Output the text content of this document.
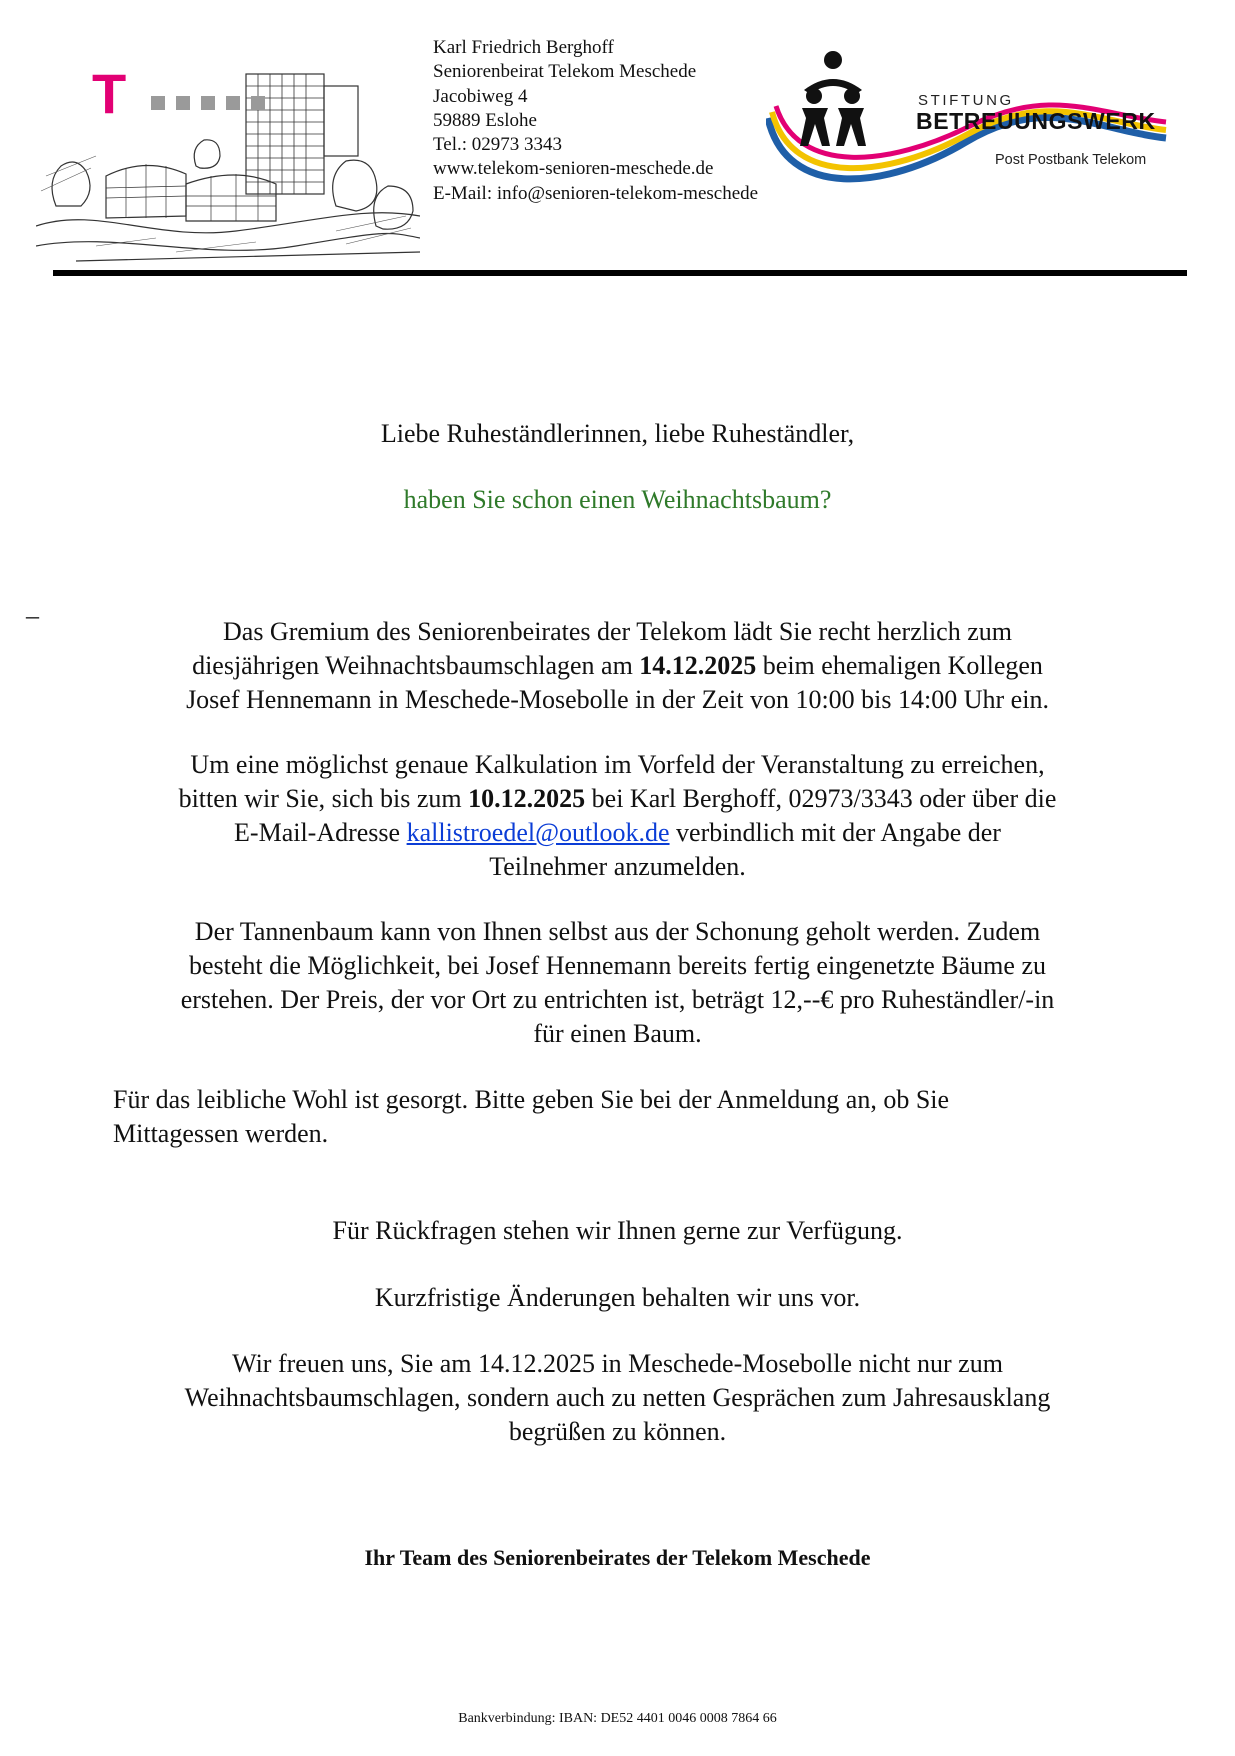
T
Karl Friedrich Berghoff
Seniorenbeirat Telekom Meschede
Jacobiweg 4
59889 Eslohe
Tel.: 02973 3343
www.telekom-senioren-meschede.de
E-Mail: info@senioren-telekom-meschede
STIFTUNG
BETREUUNGSWERK
Post Postbank Telekom
Liebe Ruheständlerinnen, liebe Ruheständler,
haben Sie schon einen Weihnachtsbaum?
–
Das Gremium des Seniorenbeirates der Telekom lädt Sie recht herzlich zum
diesjährigen Weihnachtsbaumschlagen am 14.12.2025 beim ehemaligen Kollegen
Josef Hennemann in Meschede-Mosebolle in der Zeit von 10:00 bis 14:00 Uhr ein.
Um eine möglichst genaue Kalkulation im Vorfeld der Veranstaltung zu erreichen,
bitten wir Sie, sich bis zum 10.12.2025 bei Karl Berghoff, 02973/3343 oder über die
E-Mail-Adresse kallistroedel@outlook.de verbindlich mit der Angabe der
Teilnehmer anzumelden.
Der Tannenbaum kann von Ihnen selbst aus der Schonung geholt werden. Zudem
besteht die Möglichkeit, bei Josef Hennemann bereits fertig eingenetzte Bäume zu
erstehen. Der Preis, der vor Ort zu entrichten ist, beträgt 12,--€ pro Ruheständler/-in
für einen Baum.
Für das leibliche Wohl ist gesorgt. Bitte geben Sie bei der Anmeldung an, ob Sie
Mittagessen werden.
Für Rückfragen stehen wir Ihnen gerne zur Verfügung.
Kurzfristige Änderungen behalten wir uns vor.
Wir freuen uns, Sie am 14.12.2025 in Meschede-Mosebolle nicht nur zum
Weihnachtsbaumschlagen, sondern auch zu netten Gesprächen zum Jahresausklang
begrüßen zu können.
Ihr Team des Seniorenbeirates der Telekom Meschede
Bankverbindung: IBAN: DE52 4401 0046 0008 7864 66
